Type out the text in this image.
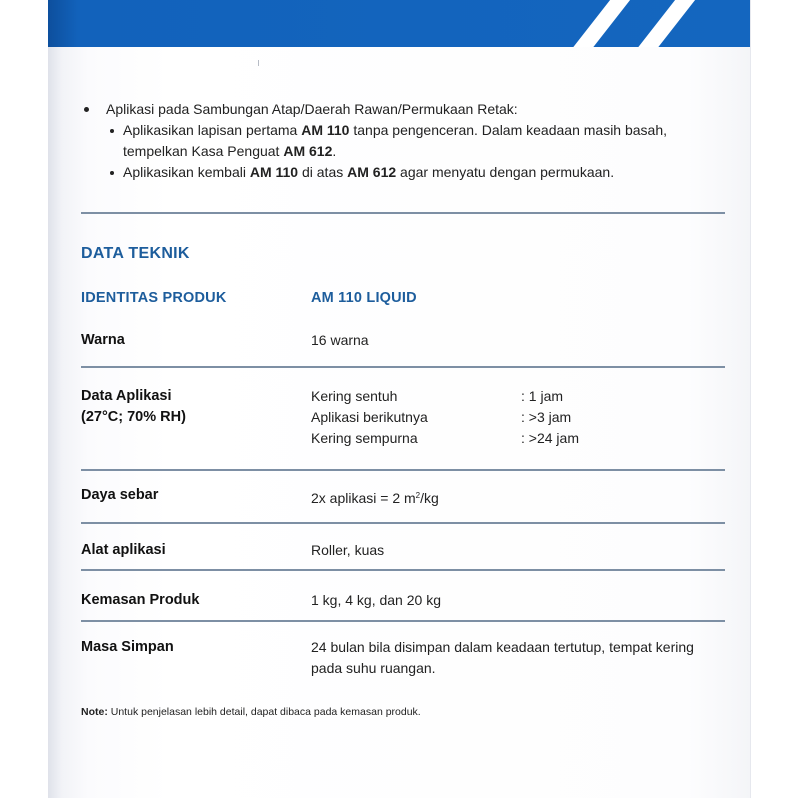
Aplikasi pada Sambungan Atap/Daerah Rawan/Permukaan Retak:
Aplikasikan lapisan pertama AM 110 tanpa pengenceran. Dalam keadaan masih basah, tempelkan Kasa Penguat AM 612.
Aplikasikan kembali AM 110 di atas AM 612 agar menyatu dengan permukaan.
DATA TEKNIK
IDENTITAS PRODUK	AM 110 LIQUID
Warna	16 warna
Data Aplikasi
(27°C; 70% RH)
Kering sentuh	: 1 jam
Aplikasi berikutnya	: >3 jam
Kering sempurna	: >24 jam
Daya sebar	2x aplikasi = 2 $m^2/kg$
Alat aplikasi	Roller, kuas
Kemasan Produk	1 kg, 4 kg, dan 20 kg
Masa Simpan	24 bulan bila disimpan dalam keadaan tertutup, tempat kering pada suhu ruangan.
Note: Untuk penjelasan lebih detail, dapat dibaca pada kemasan produk.
